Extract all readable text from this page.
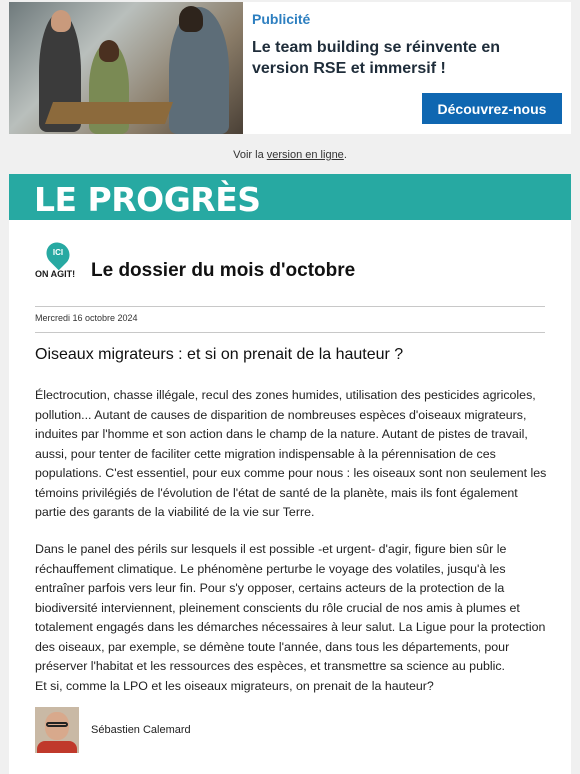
Publicité
Le team building se réinvente en version RSE et immersif !
Découvrez-nous
Voir la version en ligne.
LE PROGRÈS
ICI
ON AGIT! Le dossier du mois d'octobre
Mercredi 16 octobre 2024
Oiseaux migrateurs : et si on prenait de la hauteur ?
Électrocution, chasse illégale, recul des zones humides, utilisation des pesticides agricoles, pollution... Autant de causes de disparition de nombreuses espèces d'oiseaux migrateurs, induites par l'homme et son action dans le champ de la nature. Autant de pistes de travail, aussi, pour tenter de faciliter cette migration indispensable à la pérennisation de ces populations. C'est essentiel, pour eux comme pour nous : les oiseaux sont non seulement les témoins privilégiés de l'évolution de l'état de santé de la planète, mais ils font également partie des garants de la viabilité de la vie sur Terre.
Dans le panel des périls sur lesquels il est possible -et urgent- d'agir, figure bien sûr le réchauffement climatique. Le phénomène perturbe le voyage des volatiles, jusqu'à les entraîner parfois vers leur fin. Pour s'y opposer, certains acteurs de la protection de la biodiversité interviennent, pleinement conscients du rôle crucial de nos amis à plumes et totalement engagés dans les démarches nécessaires à leur salut. La Ligue pour la protection des oiseaux, par exemple, se démène toute l'année, dans tous les départements, pour préserver l'habitat et les ressources des espèces, et transmettre sa science au public.
Et si, comme la LPO et les oiseaux migrateurs, on prenait de la hauteur?
Sébastien Calemard
